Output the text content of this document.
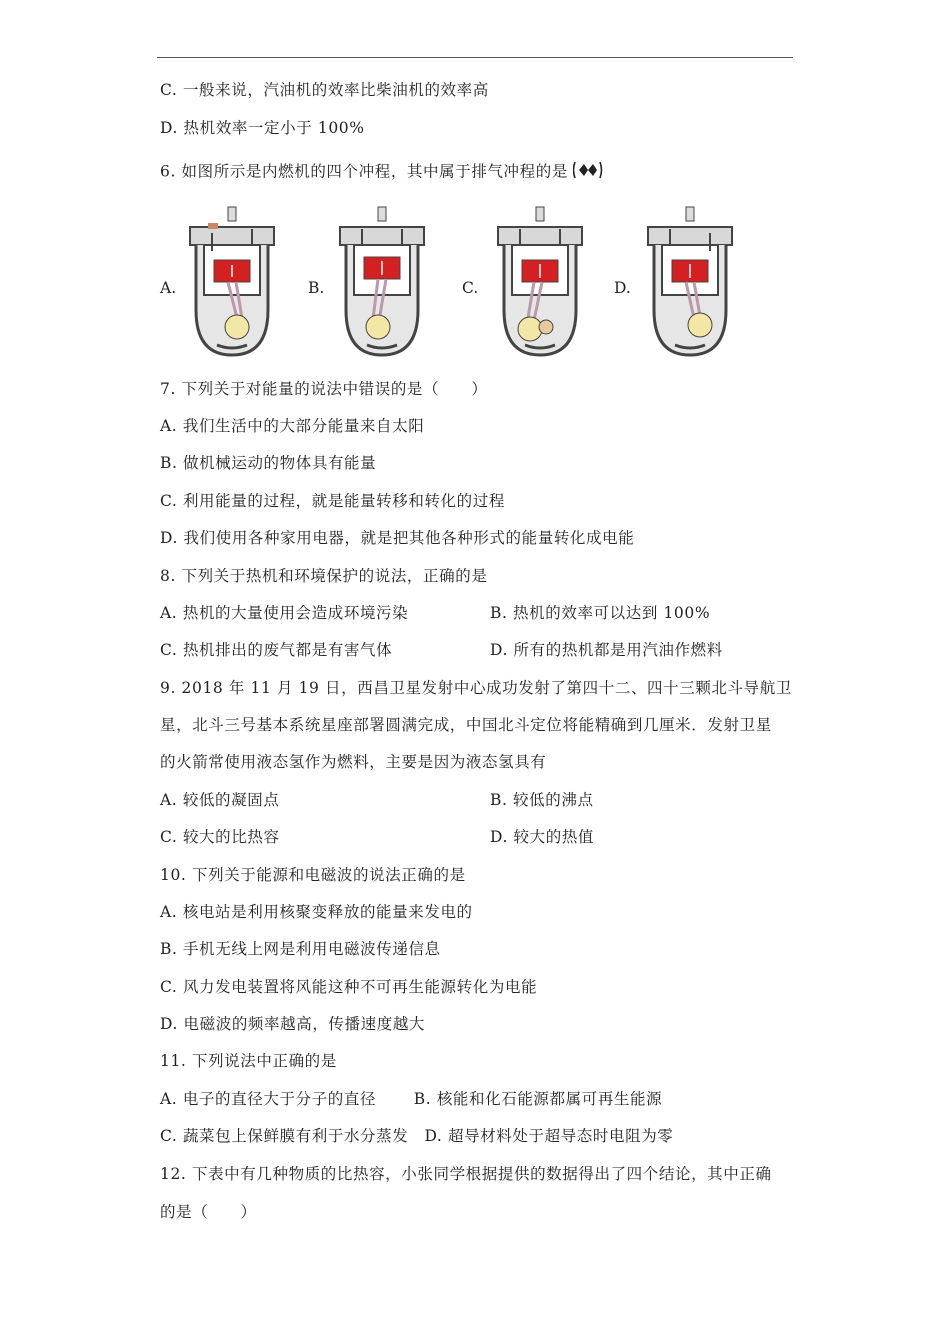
C. 一般来说，汽油机的效率比柴油机的效率高
D. 热机效率一定小于 100%
6. 如图所示是内燃机的四个冲程，其中属于排气冲程的是
A.	B.	C.	D.
7. 下列关于对能量的说法中错误的是（　　）
A. 我们生活中的大部分能量来自太阳
B. 做机械运动的物体具有能量
C. 利用能量的过程，就是能量转移和转化的过程
D. 我们使用各种家用电器，就是把其他各种形式的能量转化成电能
8. 下列关于热机和环境保护的说法，正确的是
A. 热机的大量使用会造成环境污染	B. 热机的效率可以达到 100%
C. 热机排出的废气都是有害气体	D. 所有的热机都是用汽油作燃料
9. 2018 年 11 月 19 日，西昌卫星发射中心成功发射了第四十二、四十三颗北斗导航卫
星，北斗三号基本系统星座部署圆满完成，中国北斗定位将能精确到几厘米．发射卫星
的火箭常使用液态氢作为燃料，主要是因为液态氢具有
A. 较低的凝固点	B. 较低的沸点
C. 较大的比热容	D. 较大的热值
10. 下列关于能源和电磁波的说法正确的是
A. 核电站是利用核聚变释放的能量来发电的
B. 手机无线上网是利用电磁波传递信息
C. 风力发电装置将风能这种不可再生能源转化为电能
D. 电磁波的频率越高，传播速度越大
11. 下列说法中正确的是
A. 电子的直径大于分子的直径　　 B. 核能和化石能源都属可再生能源
C. 蔬菜包上保鲜膜有利于水分蒸发　D. 超导材料处于超导态时电阻为零
12. 下表中有几种物质的比热容，小张同学根据提供的数据得出了四个结论，其中正确
的是（　　）
